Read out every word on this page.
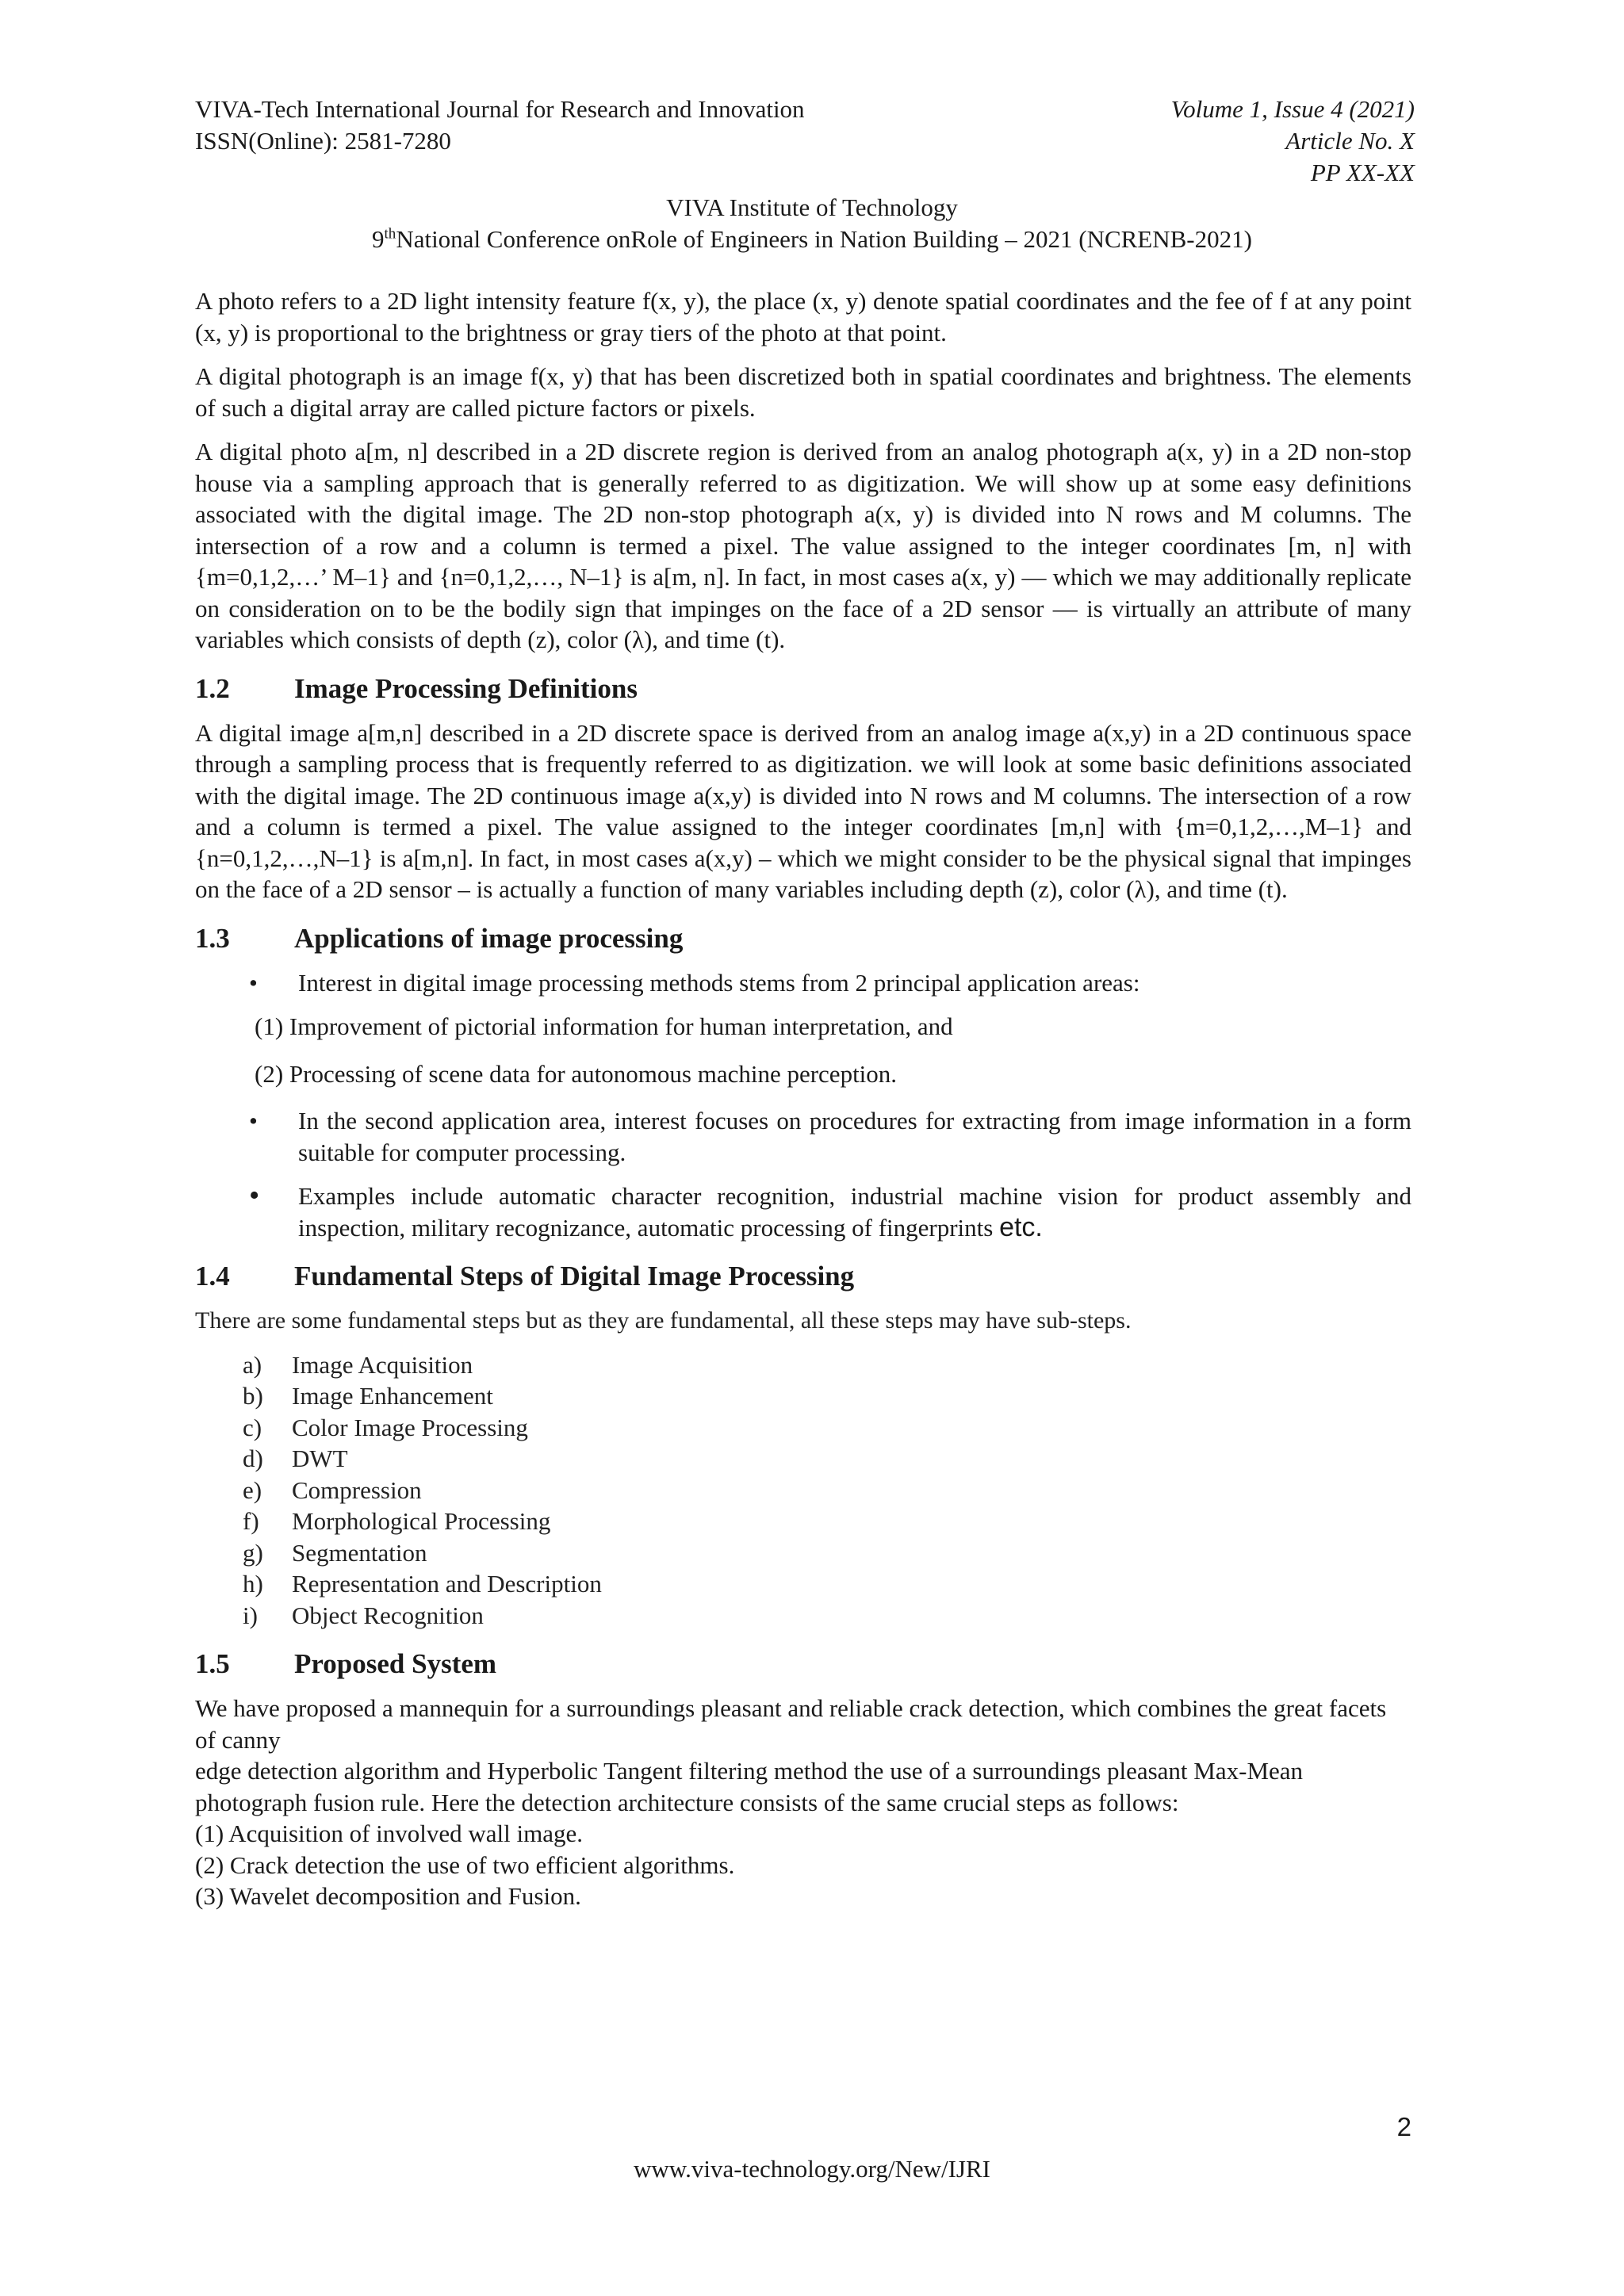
VIVA-Tech International Journal for Research and Innovation
ISSN(Online): 2581-7280
Volume 1, Issue 4 (2021)
Article No. X
PP XX-XX
VIVA Institute of Technology
9thNational Conference onRole of Engineers in Nation Building – 2021 (NCRENB-2021)

A photo refers to a 2D light intensity feature f(x, y), the place (x, y) denote spatial coordinates and the fee of f at any point (x, y) is proportional to the brightness or gray tiers of the photo at that point.

A digital photograph is an image f(x, y) that has been discretized both in spatial coordinates and brightness. The elements of such a digital array are called picture factors or pixels.

A digital photo a[m, n] described in a 2D discrete region is derived from an analog photograph a(x, y) in a 2D non-stop house via a sampling approach that is generally referred to as digitization. We will show up at some easy definitions associated with the digital image. The 2D non-stop photograph a(x, y) is divided into N rows and M columns. The intersection of a row and a column is termed a pixel. The value assigned to the integer coordinates [m, n] with {m=0,1,2,…’ M–1} and {n=0,1,2,…, N–1} is a[m, n]. In fact, in most cases a(x, y) — which we may additionally replicate on consideration on to be the bodily sign that impinges on the face of a 2D sensor — is virtually an attribute of many variables which consists of depth (z), color (λ), and time (t).

1.2 Image Processing Definitions

A digital image a[m,n] described in a 2D discrete space is derived from an analog image a(x,y) in a 2D continuous space through a sampling process that is frequently referred to as digitization. we will look at some basic definitions associated with the digital image. The 2D continuous image a(x,y) is divided into N rows and M columns. The intersection of a row and a column is termed a pixel. The value assigned to the integer coordinates [m,n] with {m=0,1,2,…,M–1} and {n=0,1,2,…,N–1} is a[m,n]. In fact, in most cases a(x,y) – which we might consider to be the physical signal that impinges on the face of a 2D sensor – is actually a function of many variables including depth (z), color (λ), and time (t).

1.3 Applications of image processing
• Interest in digital image processing methods stems from 2 principal application areas:
(1) Improvement of pictorial information for human interpretation, and
(2) Processing of scene data for autonomous machine perception.
• In the second application area, interest focuses on procedures for extracting from image information in a form suitable for computer processing.
• Examples include automatic character recognition, industrial machine vision for product assembly and inspection, military recognizance, automatic processing of fingerprints etc.
1.4 Fundamental Steps of Digital Image Processing

There are some fundamental steps but as they are fundamental, all these steps may have sub-steps.

a) Image Acquisition
b) Image Enhancement
c) Color Image Processing
d) DWT
e) Compression
f) Morphological Processing
g) Segmentation
h) Representation and Description
i) Object Recognition
1.5 Proposed System

We have proposed a mannequin for a surroundings pleasant and reliable crack detection, which combines the great facets of canny

edge detection algorithm and Hyperbolic Tangent filtering method the use of a surroundings pleasant Max-Mean photograph fusion rule. Here the detection architecture consists of the same crucial steps as follows:

(1) Acquisition of involved wall image.

(2) Crack detection the use of two efficient algorithms.

(3) Wavelet decomposition and Fusion.

2
www.viva-technology.org/New/IJRI
